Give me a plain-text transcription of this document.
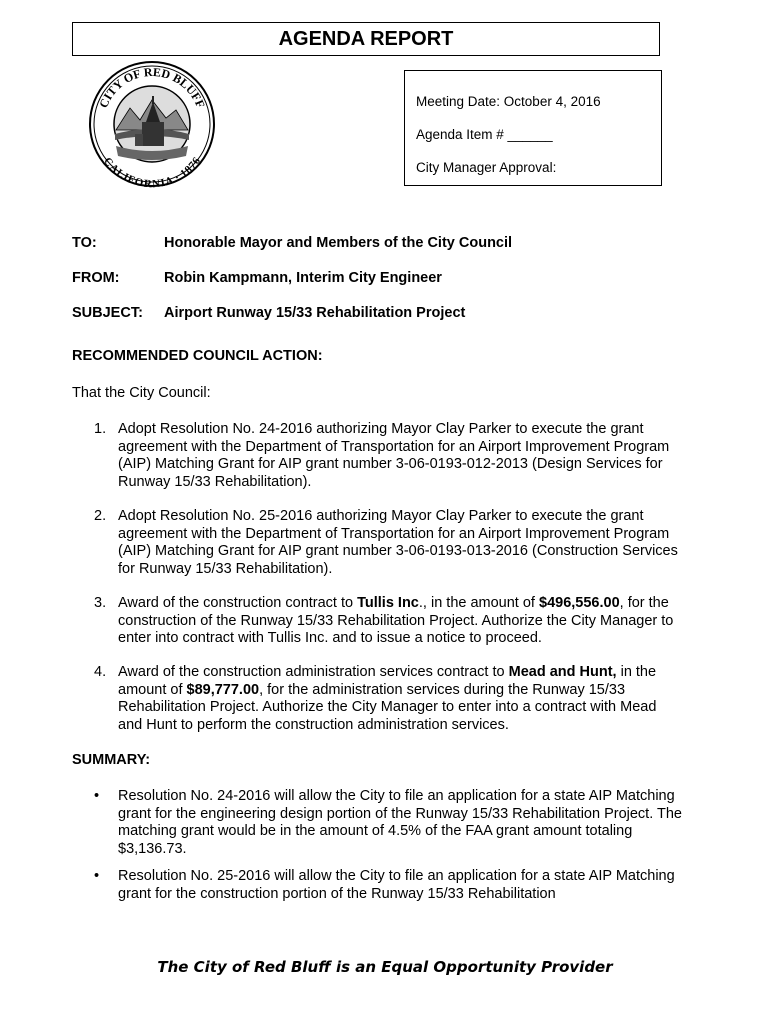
AGENDA REPORT
CITY OF RED BLUFF
CALIFORNIA · 1876
Meeting Date: October 4, 2016
Agenda Item # ______
City Manager Approval:
TO:	Honorable Mayor and Members of the City Council
FROM:	Robin Kampmann, Interim City Engineer
SUBJECT: Airport Runway 15/33 Rehabilitation Project
RECOMMENDED COUNCIL ACTION:
That the City Council:
1. Adopt Resolution No. 24-2016 authorizing Mayor Clay Parker to execute the grant agreement with the Department of Transportation for an Airport Improvement Program (AIP) Matching Grant for AIP grant number 3-06-0193-012-2013 (Design Services for Runway 15/33 Rehabilitation).
2. Adopt Resolution No. 25-2016 authorizing Mayor Clay Parker to execute the grant agreement with the Department of Transportation for an Airport Improvement Program (AIP) Matching Grant for AIP grant number 3-06-0193-013-2016 (Construction Services for Runway 15/33 Rehabilitation).
3. Award of the construction contract to Tullis Inc., in the amount of $496,556.00, for the construction of the Runway 15/33 Rehabilitation Project. Authorize the City Manager to enter into contract with Tullis Inc. and to issue a notice to proceed.
4. Award of the construction administration services contract to Mead and Hunt, in the amount of $89,777.00, for the administration services during the Runway 15/33 Rehabilitation Project. Authorize the City Manager to enter into a contract with Mead and Hunt to perform the construction administration services.
SUMMARY:
• Resolution No. 24-2016 will allow the City to file an application for a state AIP Matching grant for the engineering design portion of the Runway 15/33 Rehabilitation Project. The matching grant would be in the amount of 4.5% of the FAA grant amount totaling $3,136.73.
• Resolution No. 25-2016 will allow the City to file an application for a state AIP Matching grant for the construction portion of the Runway 15/33 Rehabilitation
The City of Red Bluff is an Equal Opportunity Provider
